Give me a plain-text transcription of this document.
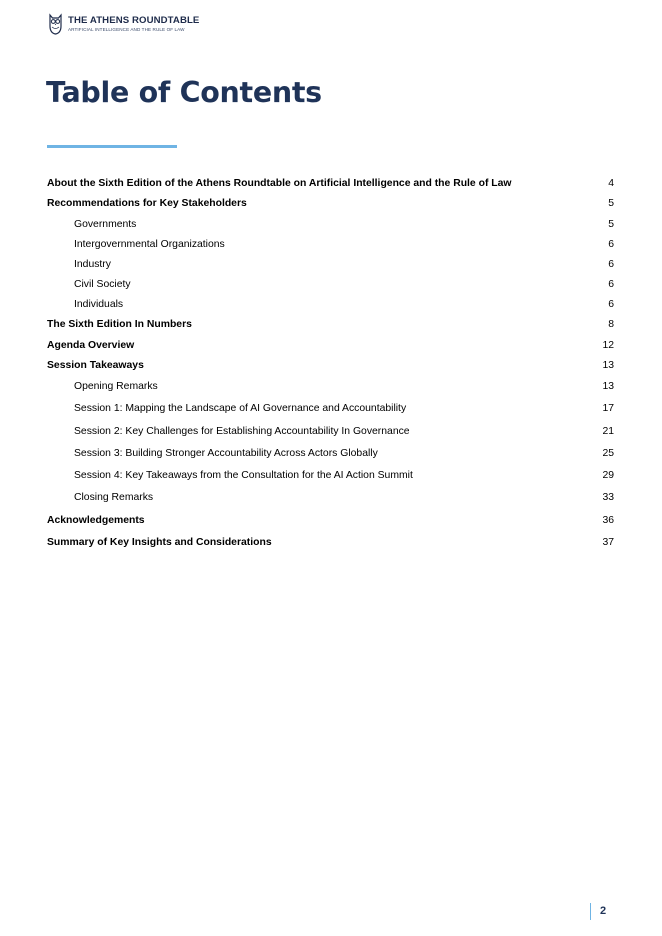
THE ATHENS ROUNDTABLE
ARTIFICIAL INTELLIGENCE AND THE RULE OF LAW
Table of Contents
About the Sixth Edition of the Athens Roundtable on Artificial Intelligence and the Rule of Law	4
Recommendations for Key Stakeholders	5
Governments	5
Intergovernmental Organizations	6
Industry	6
Civil Society	6
Individuals	6
The Sixth Edition In Numbers	8
Agenda Overview	12
Session Takeaways	13
Opening Remarks	13
Session 1: Mapping the Landscape of AI Governance and Accountability	17
Session 2: Key Challenges for Establishing Accountability In Governance	21
Session 3: Building Stronger Accountability Across Actors Globally	25
Session 4: Key Takeaways from the Consultation for the AI Action Summit	29
Closing Remarks	33
Acknowledgements	36
Summary of Key Insights and Considerations	37
2
